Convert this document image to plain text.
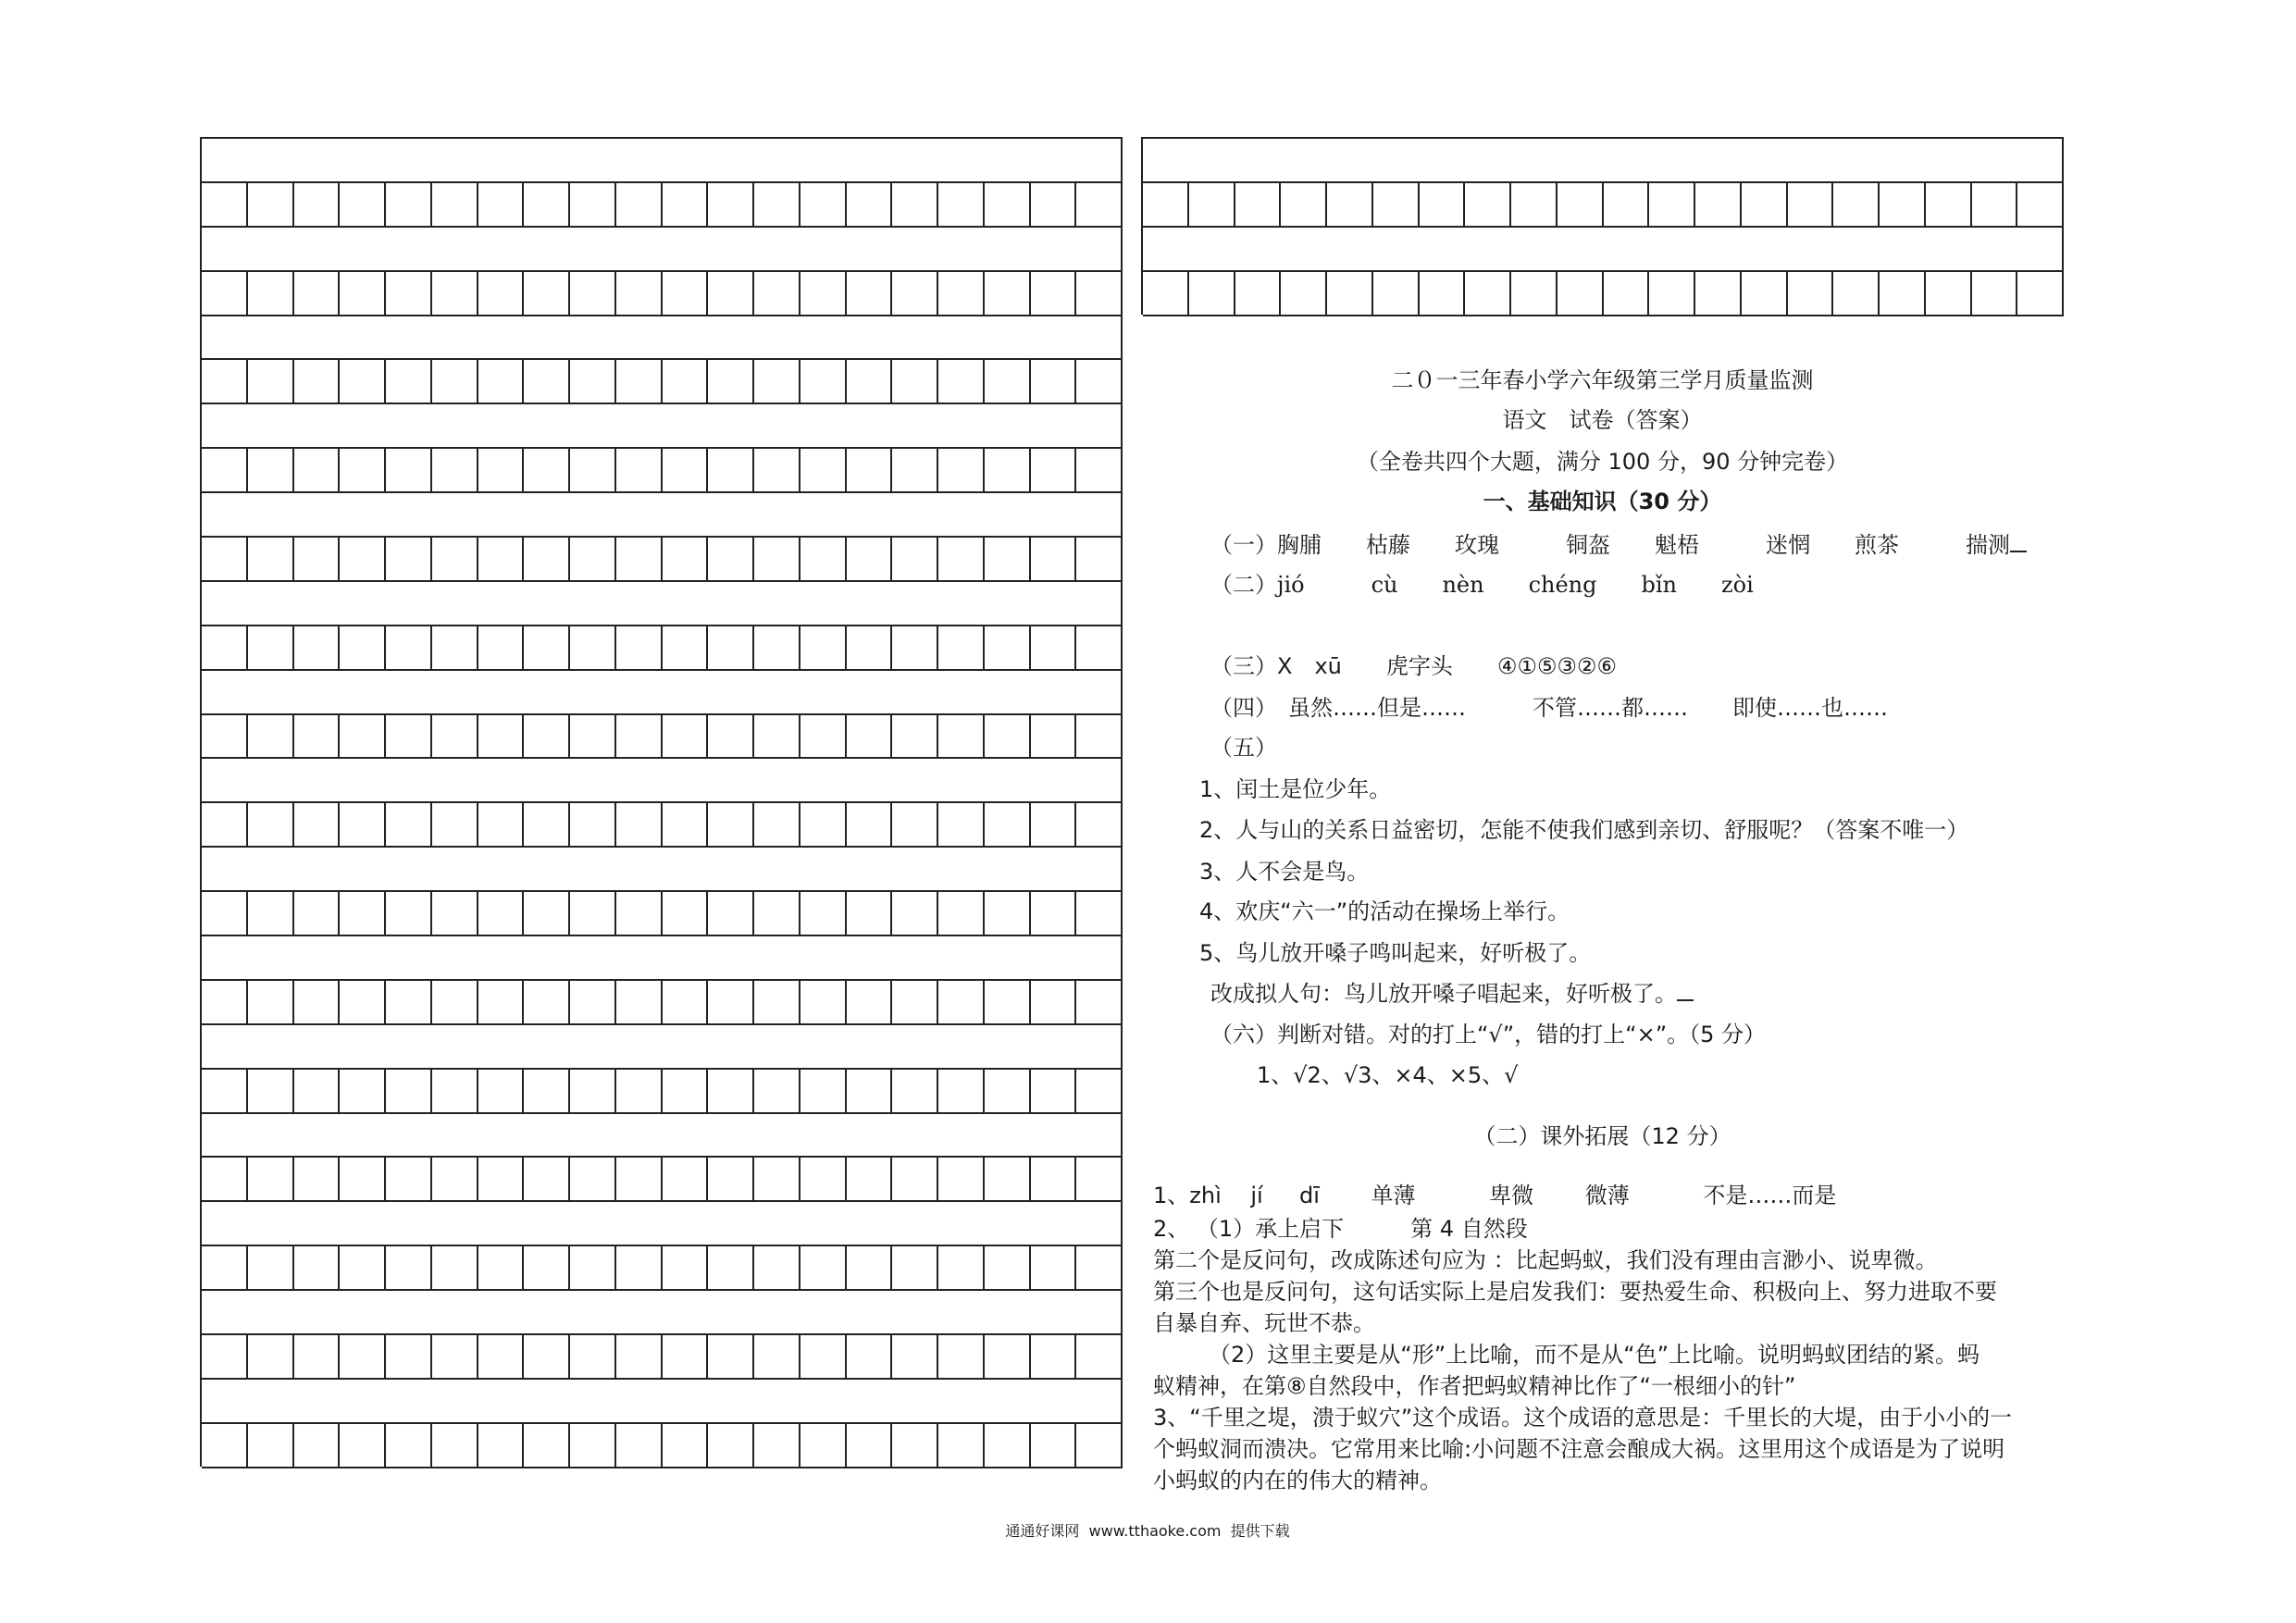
二０一三年春小学六年级第三学月质量监测
语文　试卷（答案）
（全卷共四个大题，满分 100 分，90 分钟完卷）
一、基础知识（30 分）
（一）胸脯　　枯藤　　玫瑰　　　铜盔　　魁梧　　　迷惘　　煎茶　　　揣测
（二）jió　　　cù　　nèn　　chéng　　bǐn　　zòi
（三）X　xū　　虎字头　　④①⑤③②⑥
（四）　虽然……但是……　　　不管……都……　　即使……也……
（五）
1、闰土是位少年。
2、人与山的关系日益密切，怎能不使我们感到亲切、舒服呢？（答案不唯一）
3、人不会是鸟。
4、欢庆“六一”的活动在操场上举行。
5、鸟儿放开嗓子鸣叫起来，好听极了。
改成拟人句：鸟儿放开嗓子唱起来，好听极了。
（六）判断对错。对的打上“√”，错的打上“×”。（5 分）
1、√2、√3、×4、×5、√
（二）课外拓展（12 分）
1、zhì　 jí　  dī　　 单薄　　　 卑微　　 微薄　　　 不是……而是
2、 （1）承上启下　　　第 4 自然段
第二个是反问句，改成陈述句应为 ：比起蚂蚁，我们没有理由言渺小、说卑微。
第三个也是反问句，这句话实际上是启发我们：要热爱生命、积极向上、努力进取不要
自暴自弃、玩世不恭。
（2）这里主要是从“形”上比喻，而不是从“色”上比喻。说明蚂蚁团结的紧。蚂
蚁精神，在第⑧自然段中，作者把蚂蚁精神比作了“一根细小的针”
3、“千里之堤，溃于蚁穴”这个成语。这个成语的意思是：千里长的大堤，由于小小的一
个蚂蚁洞而溃决。它常用来比喻:小问题不注意会酿成大祸。这里用这个成语是为了说明
小蚂蚁的内在的伟大的精神。
通通好课网  www.tthaoke.com  提供下载
